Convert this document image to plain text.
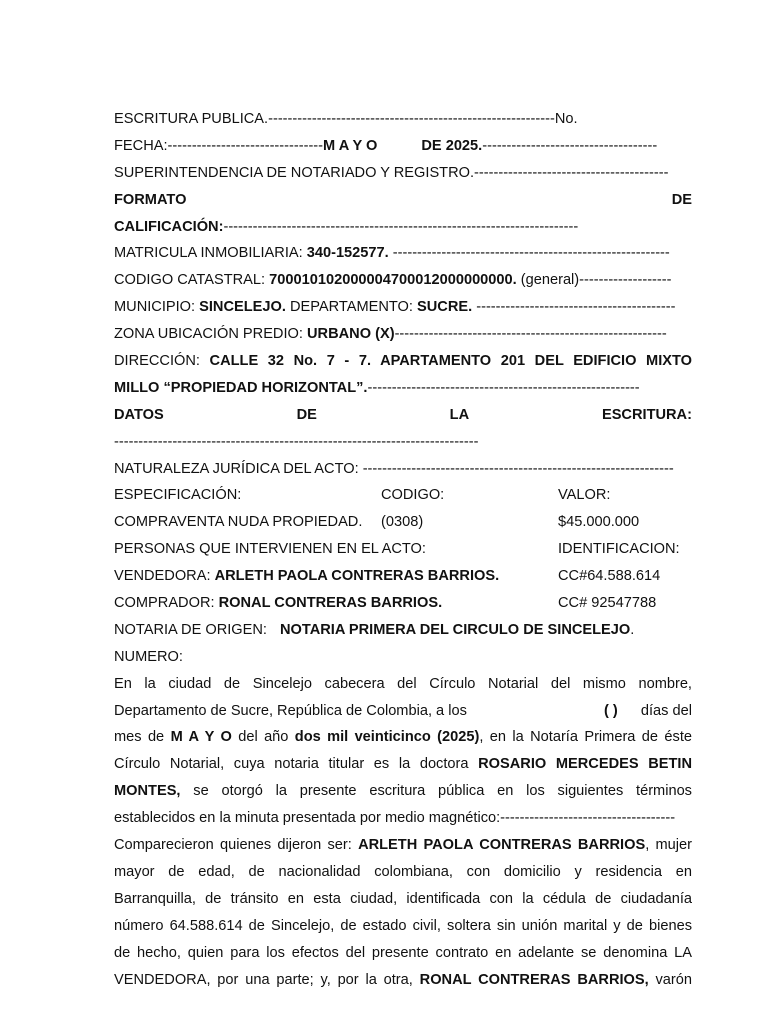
ESCRITURA PUBLICA.-----------------------------------------------------------No.
FECHA:--------------------------------M A Y O	DE 2025.------------------------------------
SUPERINTENDENCIA DE NOTARIADO Y REGISTRO.----------------------------------------
FORMATO	DE
CALIFICACIÓN:-------------------------------------------------------------------------
MATRICULA INMOBILIARIA: 340-152577. ---------------------------------------------------------
CODIGO CATASTRAL: 700010102000004700012000000000. (general)-------------------
MUNICIPIO: SINCELEJO. DEPARTAMENTO: SUCRE. -----------------------------------------
ZONA UBICACIÓN PREDIO: URBANO (X)--------------------------------------------------------
DIRECCIÓN: CALLE 32 No. 7 - 7. APARTAMENTO 201 DEL EDIFICIO MIXTO
MILLO “PROPIEDAD HORIZONTAL”.--------------------------------------------------------
DATOS	DE	LA	ESCRITURA:
---------------------------------------------------------------------------
NATURALEZA JURÍDICA DEL ACTO: ----------------------------------------------------------------
ESPECIFICACIÓN:	CODIGO:	VALOR:
COMPRAVENTA NUDA PROPIEDAD.	(0308)	$45.000.000
PERSONAS QUE INTERVIENEN EN EL ACTO:	IDENTIFICACION:
VENDEDORA: ARLETH PAOLA CONTRERAS BARRIOS.	CC#64.588.614
COMPRADOR: RONAL CONTRERAS BARRIOS.	CC# 92547788
NOTARIA DE ORIGEN: NOTARIA PRIMERA DEL CIRCULO DE SINCELEJO.
NUMERO:
En la ciudad de Sincelejo cabecera del Círculo Notarial del mismo nombre,
Departamento de Sucre, República de Colombia, a los	( ) días del
mes de M A Y O del año dos mil veinticinco (2025), en la Notaría Primera de éste
Círculo Notarial, cuya notaria titular es la doctora ROSARIO MERCEDES BETIN
MONTES, se otorgó la presente escritura pública en los siguientes términos
establecidos en la minuta presentada por medio magnético:------------------------------------
Comparecieron quienes dijeron ser: ARLETH PAOLA CONTRERAS BARRIOS, mujer
mayor de edad, de nacionalidad colombiana, con domicilio y residencia en
Barranquilla, de tránsito en esta ciudad, identificada con la cédula de ciudadanía
número 64.588.614 de Sincelejo, de estado civil, soltera sin unión marital y de bienes
de hecho, quien para los efectos del presente contrato en adelante se denomina LA
VENDEDORA, por una parte; y, por la otra, RONAL CONTRERAS BARRIOS, varón
